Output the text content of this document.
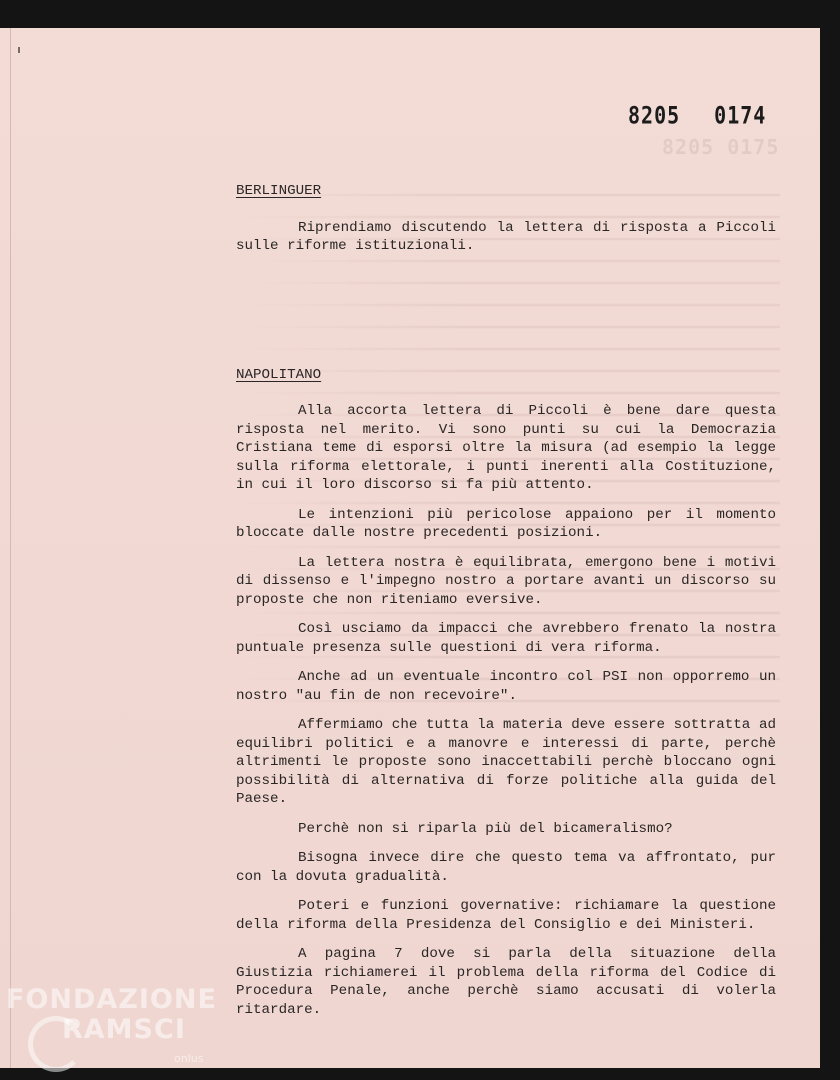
8205 0174
8205 0175
BERLINGUER

Riprendiamo discutendo la lettera di risposta a Piccoli sulle riforme istituzionali.

NAPOLITANO

Alla accorta lettera di Piccoli è bene dare questa risposta nel merito. Vi sono punti su cui la Democrazia Cristiana teme di esporsi oltre la misura (ad esempio la legge sulla riforma elettorale, i punti inerenti alla Costituzione, in cui il loro discorso si fa più attento.

Le intenzioni più pericolose appaiono per il momento bloccate dalle nostre precedenti posizioni.

La lettera nostra è equilibrata, emergono bene i motivi di dissenso e l'impegno nostro a portare avanti un discorso su proposte che non riteniamo eversive.

Così usciamo da impacci che avrebbero frenato la nostra puntuale presenza sulle questioni di vera riforma.

Anche ad un eventuale incontro col PSI non opporremo un nostro "au fin de non recevoire".

Affermiamo che tutta la materia deve essere sottratta ad equilibri politici e a manovre e interessi di parte, perchè altrimenti le proposte sono inaccettabili perchè bloccano ogni possibilità di alternativa di forze politiche alla guida del Paese.

Perchè non si riparla più del bicameralismo?

Bisogna invece dire che questo tema va affrontato, pur con la dovuta gradualità.

Poteri e funzioni governative: richiamare la questione della riforma della Presidenza del Consiglio e dei Ministeri.

A pagina 7 dove si parla della situazione della Giustizia richiamerei il problema della riforma del Codice di Procedura Penale, anche perchè siamo accusati di volerla ritardare.

FONDAZIONE
RAMSCI
onlus
